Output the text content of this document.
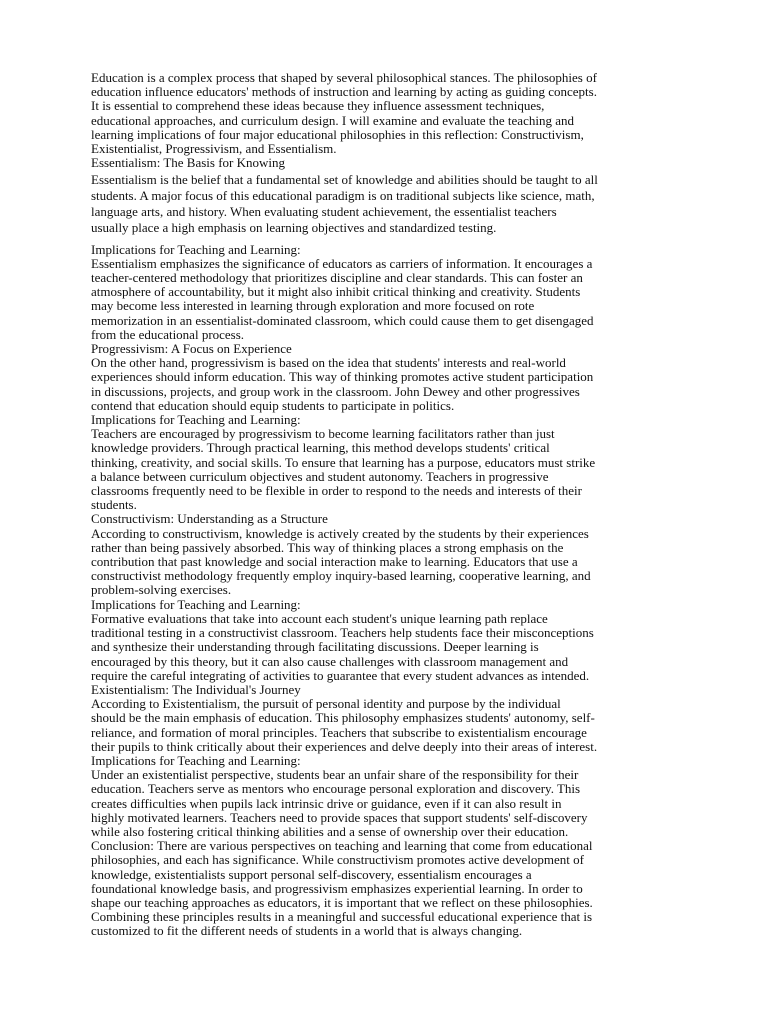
Education is a complex process that shaped by several philosophical stances. The philosophies of
education influence educators' methods of instruction and learning by acting as guiding concepts.
It is essential to comprehend these ideas because they influence assessment techniques,
educational approaches, and curriculum design. I will examine and evaluate the teaching and
learning implications of four major educational philosophies in this reflection: Constructivism,
Existentialist, Progressivism, and Essentialism.
Essentialism: The Basis for Knowing
Essentialism is the belief that a fundamental set of knowledge and abilities should be taught to all
students. A major focus of this educational paradigm is on traditional subjects like science, math,
language arts, and history. When evaluating student achievement, the essentialist teachers
usually place a high emphasis on learning objectives and standardized testing.
Implications for Teaching and Learning:
Essentialism emphasizes the significance of educators as carriers of information. It encourages a
teacher-centered methodology that prioritizes discipline and clear standards. This can foster an
atmosphere of accountability, but it might also inhibit critical thinking and creativity. Students
may become less interested in learning through exploration and more focused on rote
memorization in an essentialist-dominated classroom, which could cause them to get disengaged
from the educational process.
Progressivism: A Focus on Experience
On the other hand, progressivism is based on the idea that students' interests and real-world
experiences should inform education. This way of thinking promotes active student participation
in discussions, projects, and group work in the classroom. John Dewey and other progressives
contend that education should equip students to participate in politics.
Implications for Teaching and Learning:
Teachers are encouraged by progressivism to become learning facilitators rather than just
knowledge providers. Through practical learning, this method develops students' critical
thinking, creativity, and social skills. To ensure that learning has a purpose, educators must strike
a balance between curriculum objectives and student autonomy. Teachers in progressive
classrooms frequently need to be flexible in order to respond to the needs and interests of their
students.
Constructivism: Understanding as a Structure
According to constructivism, knowledge is actively created by the students by their experiences
rather than being passively absorbed. This way of thinking places a strong emphasis on the
contribution that past knowledge and social interaction make to learning. Educators that use a
constructivist methodology frequently employ inquiry-based learning, cooperative learning, and
problem-solving exercises.
Implications for Teaching and Learning:
Formative evaluations that take into account each student's unique learning path replace
traditional testing in a constructivist classroom. Teachers help students face their misconceptions
and synthesize their understanding through facilitating discussions. Deeper learning is
encouraged by this theory, but it can also cause challenges with classroom management and
require the careful integrating of activities to guarantee that every student advances as intended.
Existentialism: The Individual's Journey
According to Existentialism, the pursuit of personal identity and purpose by the individual
should be the main emphasis of education. This philosophy emphasizes students' autonomy, self-
reliance, and formation of moral principles. Teachers that subscribe to existentialism encourage
their pupils to think critically about their experiences and delve deeply into their areas of interest.
Implications for Teaching and Learning:
Under an existentialist perspective, students bear an unfair share of the responsibility for their
education. Teachers serve as mentors who encourage personal exploration and discovery. This
creates difficulties when pupils lack intrinsic drive or guidance, even if it can also result in
highly motivated learners. Teachers need to provide spaces that support students' self-discovery
while also fostering critical thinking abilities and a sense of ownership over their education.
Conclusion: There are various perspectives on teaching and learning that come from educational
philosophies, and each has significance. While constructivism promotes active development of
knowledge, existentialists support personal self-discovery, essentialism encourages a
foundational knowledge basis, and progressivism emphasizes experiential learning. In order to
shape our teaching approaches as educators, it is important that we reflect on these philosophies.
Combining these principles results in a meaningful and successful educational experience that is
customized to fit the different needs of students in a world that is always changing.
